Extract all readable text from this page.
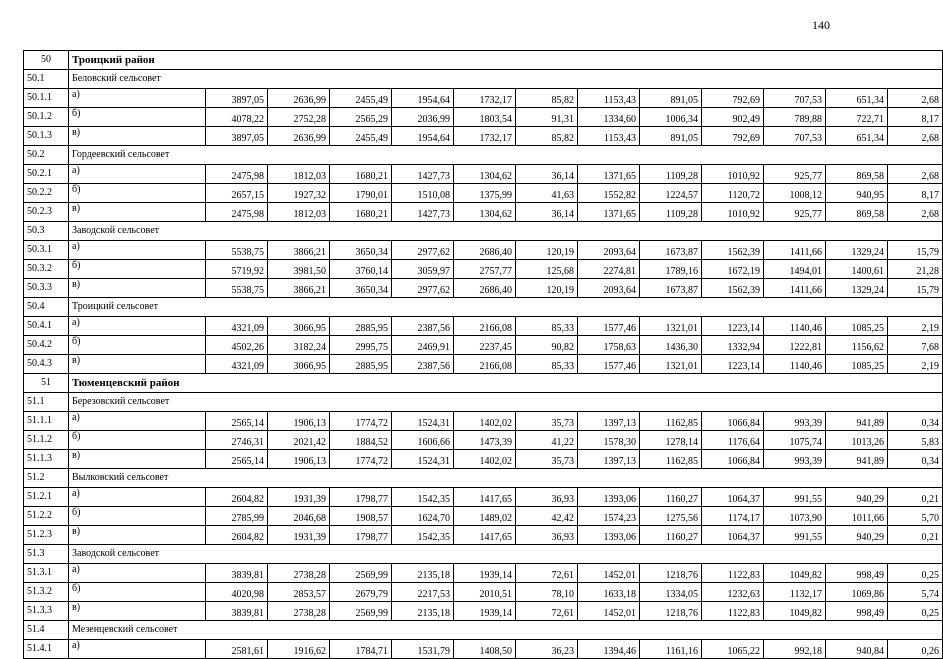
140
50	Троицкий район												
50.1	Беловский сельсовет												
50.1.1	а)	3897,05	2636,99	2455,49	1954,64	1732,17	85,82	1153,43	891,05	792,69	707,53	651,34	2,68
50.1.2	б)	4078,22	2752,28	2565,29	2036,99	1803,54	91,31	1334,60	1006,34	902,49	789,88	722,71	8,17
50.1.3	в)	3897,05	2636,99	2455,49	1954,64	1732,17	85,82	1153,43	891,05	792,69	707,53	651,34	2,68
50.2	Гордеевский сельсовет												
50.2.1	а)	2475,98	1812,03	1680,21	1427,73	1304,62	36,14	1371,65	1109,28	1010,92	925,77	869,58	2,68
50.2.2	б)	2657,15	1927,32	1790,01	1510,08	1375,99	41,63	1552,82	1224,57	1120,72	1008,12	940,95	8,17
50.2.3	в)	2475,98	1812,03	1680,21	1427,73	1304,62	36,14	1371,65	1109,28	1010,92	925,77	869,58	2,68
50.3	Заводской сельсовет												
50.3.1	а)	5538,75	3866,21	3650,34	2977,62	2686,40	120,19	2093,64	1673,87	1562,39	1411,66	1329,24	15,79
50.3.2	б)	5719,92	3981,50	3760,14	3059,97	2757,77	125,68	2274,81	1789,16	1672,19	1494,01	1400,61	21,28
50.3.3	в)	5538,75	3866,21	3650,34	2977,62	2686,40	120,19	2093,64	1673,87	1562,39	1411,66	1329,24	15,79
50.4	Троицкий сельсовет												
50.4.1	а)	4321,09	3066,95	2885,95	2387,56	2166,08	85,33	1577,46	1321,01	1223,14	1140,46	1085,25	2,19
50.4.2	б)	4502,26	3182,24	2995,75	2469,91	2237,45	90,82	1758,63	1436,30	1332,94	1222,81	1156,62	7,68
50.4.3	в)	4321,09	3066,95	2885,95	2387,56	2166,08	85,33	1577,46	1321,01	1223,14	1140,46	1085,25	2,19
51	Тюменцевский район												
51.1	Березовский сельсовет												
51.1.1	а)	2565,14	1906,13	1774,72	1524,31	1402,02	35,73	1397,13	1162,85	1066,84	993,39	941,89	0,34
51.1.2	б)	2746,31	2021,42	1884,52	1606,66	1473,39	41,22	1578,30	1278,14	1176,64	1075,74	1013,26	5,83
51.1.3	в)	2565,14	1906,13	1774,72	1524,31	1402,02	35,73	1397,13	1162,85	1066,84	993,39	941,89	0,34
51.2	Вылковский сельсовет												
51.2.1	а)	2604,82	1931,39	1798,77	1542,35	1417,65	36,93	1393,06	1160,27	1064,37	991,55	940,29	0,21
51.2.2	б)	2785,99	2046,68	1908,57	1624,70	1489,02	42,42	1574,23	1275,56	1174,17	1073,90	1011,66	5,70
51.2.3	в)	2604,82	1931,39	1798,77	1542,35	1417,65	36,93	1393,06	1160,27	1064,37	991,55	940,29	0,21
51.3	Заводской сельсовет												
51.3.1	а)	3839,81	2738,28	2569,99	2135,18	1939,14	72,61	1452,01	1218,76	1122,83	1049,82	998,49	0,25
51.3.2	б)	4020,98	2853,57	2679,79	2217,53	2010,51	78,10	1633,18	1334,05	1232,63	1132,17	1069,86	5,74
51.3.3	в)	3839,81	2738,28	2569,99	2135,18	1939,14	72,61	1452,01	1218,76	1122,83	1049,82	998,49	0,25
51.4	Мезенцевский сельсовет												
51.4.1	а)	2581,61	1916,62	1784,71	1531,79	1408,50	36,23	1394,46	1161,16	1065,22	992,18	940,84	0,26
